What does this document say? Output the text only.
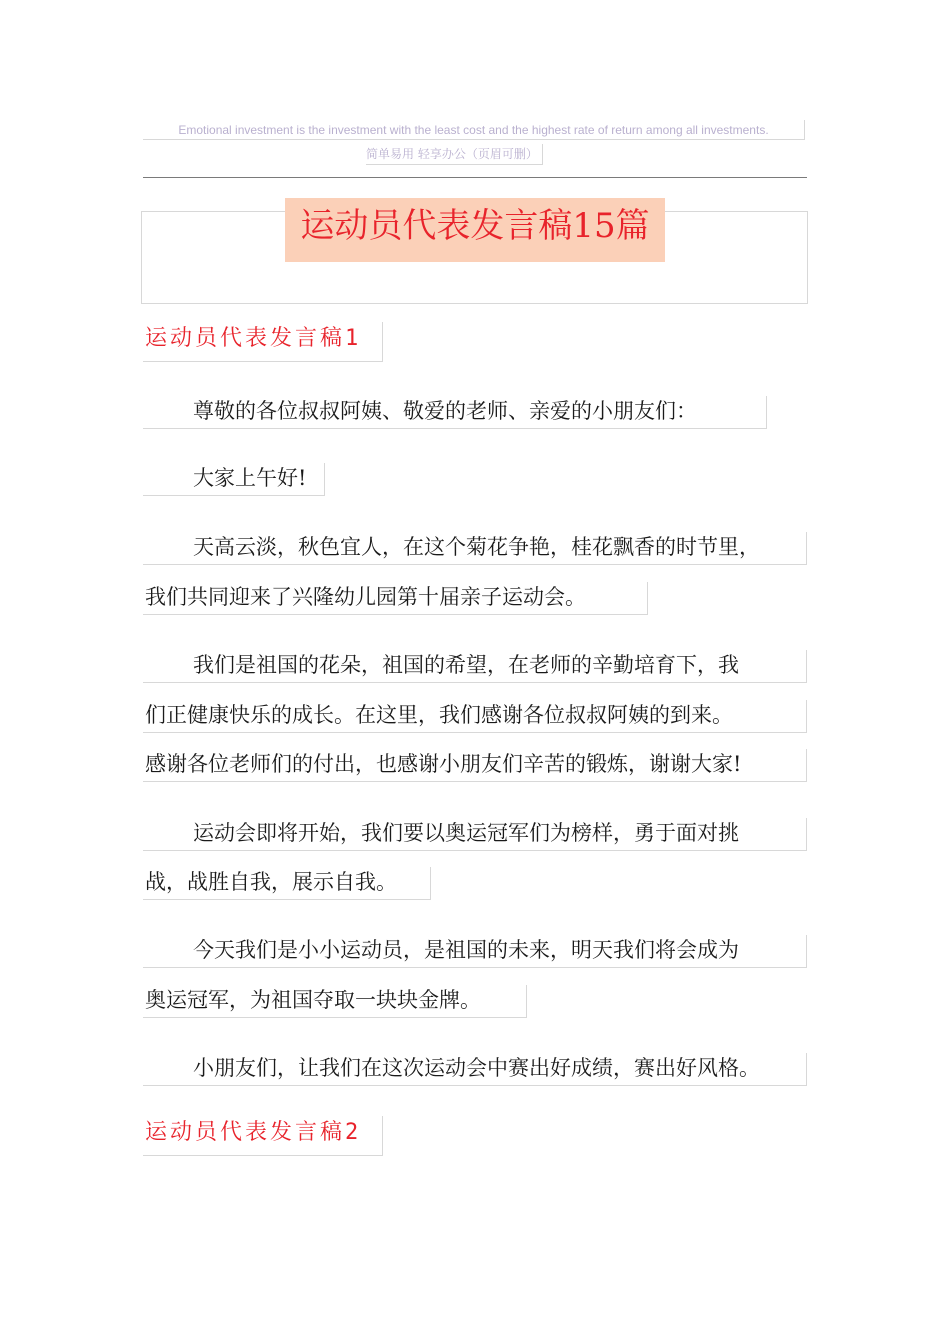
Emotional investment is the investment with the least cost and the highest rate of return among all investments.
简单易用 轻享办公（页眉可删）
运动员代表发言稿15篇
运动员代表发言稿1
尊敬的各位叔叔阿姨、敬爱的老师、亲爱的小朋友们：
大家上午好!
天高云淡，秋色宜人，在这个菊花争艳，桂花飘香的时节里，
我们共同迎来了兴隆幼儿园第十届亲子运动会。
我们是祖国的花朵，祖国的希望，在老师的辛勤培育下，我
们正健康快乐的成长。在这里，我们感谢各位叔叔阿姨的到来。
感谢各位老师们的付出，也感谢小朋友们辛苦的锻炼，谢谢大家!
运动会即将开始，我们要以奥运冠军们为榜样，勇于面对挑
战，战胜自我，展示自我。
今天我们是小小运动员，是祖国的未来，明天我们将会成为
奥运冠军，为祖国夺取一块块金牌。
小朋友们，让我们在这次运动会中赛出好成绩，赛出好风格。
运动员代表发言稿2
